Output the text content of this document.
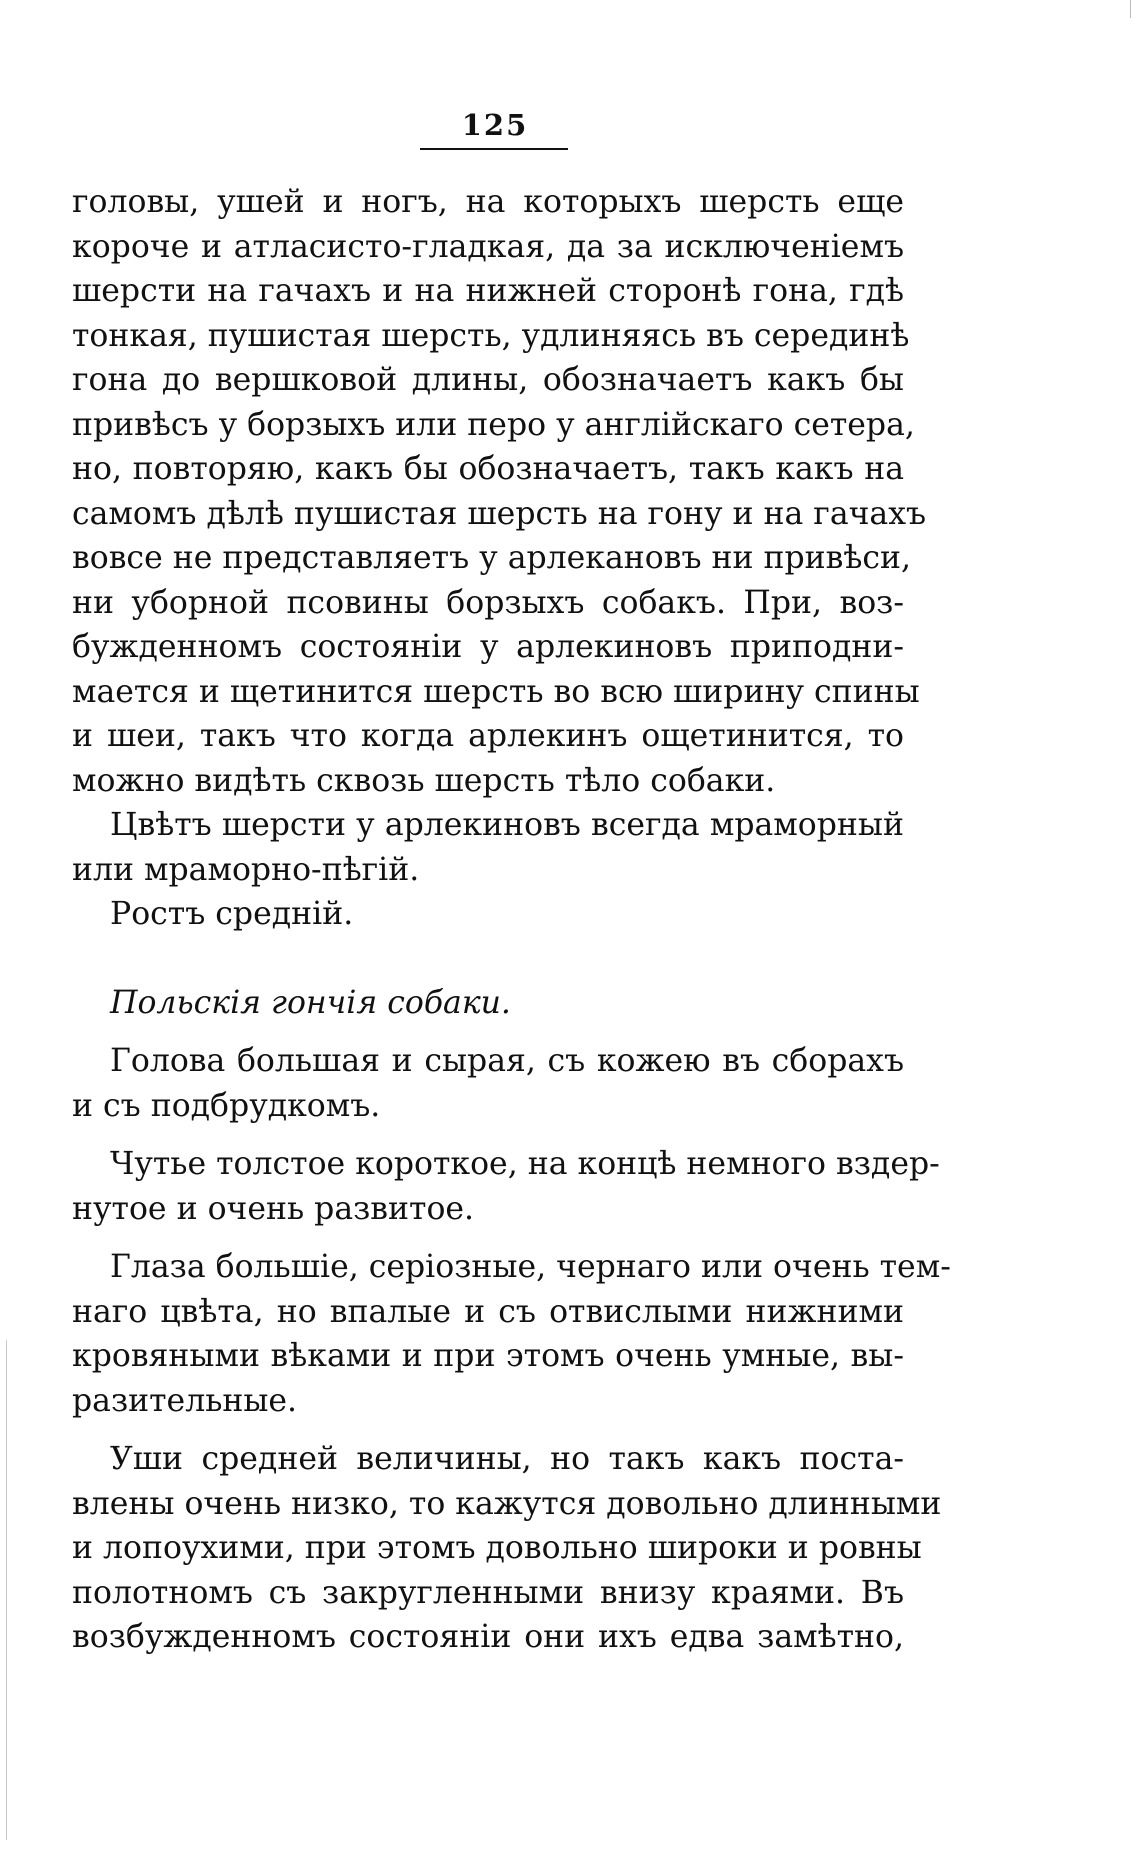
125
головы, ушей и ногъ, на которыхъ шерсть еще
короче и атласисто-гладкая, да за исключеніемъ
шерсти на гачахъ и на нижней сторонѣ гона, гдѣ
тонкая, пушистая шерсть, удлиняясь въ серединѣ
гона до вершковой длины, обозначаетъ какъ бы
привѣсъ у борзыхъ или перо у англійскаго сетера,
но, повторяю, какъ бы обозначаетъ, такъ какъ на
самомъ дѣлѣ пушистая шерсть на гону и на гачахъ
вовсе не представляетъ у арлекановъ ни привѣси,
ни уборной псовины борзыхъ собакъ. При, воз-
бужденномъ состояніи у арлекиновъ приподни-
мается и щетинится шерсть во всю ширину спины
и шеи, такъ что когда арлекинъ ощетинится, то
можно видѣть сквозь шерсть тѣло собаки.
Цвѣтъ шерсти у арлекиновъ всегда мраморный
или мраморно-пѣгій.
Ростъ средній.
Польскія гончія собаки.
Голова большая и сырая, съ кожею въ сборахъ
и съ подбрудкомъ.
Чутье толстое короткое, на концѣ немного вздер-
нутое и очень развитое.
Глаза большіе, серіозные, чернаго или очень тем-
наго цвѣта, но впалые и съ отвислыми нижними
кровяными вѣками и при этомъ очень умные, вы-
разительные.
Уши средней величины, но такъ какъ поста-
влены очень низко, то кажутся довольно длинными
и лопоухими, при этомъ довольно широки и ровны
полотномъ съ закругленными внизу краями. Въ
возбужденномъ состояніи они ихъ едва замѣтно,
